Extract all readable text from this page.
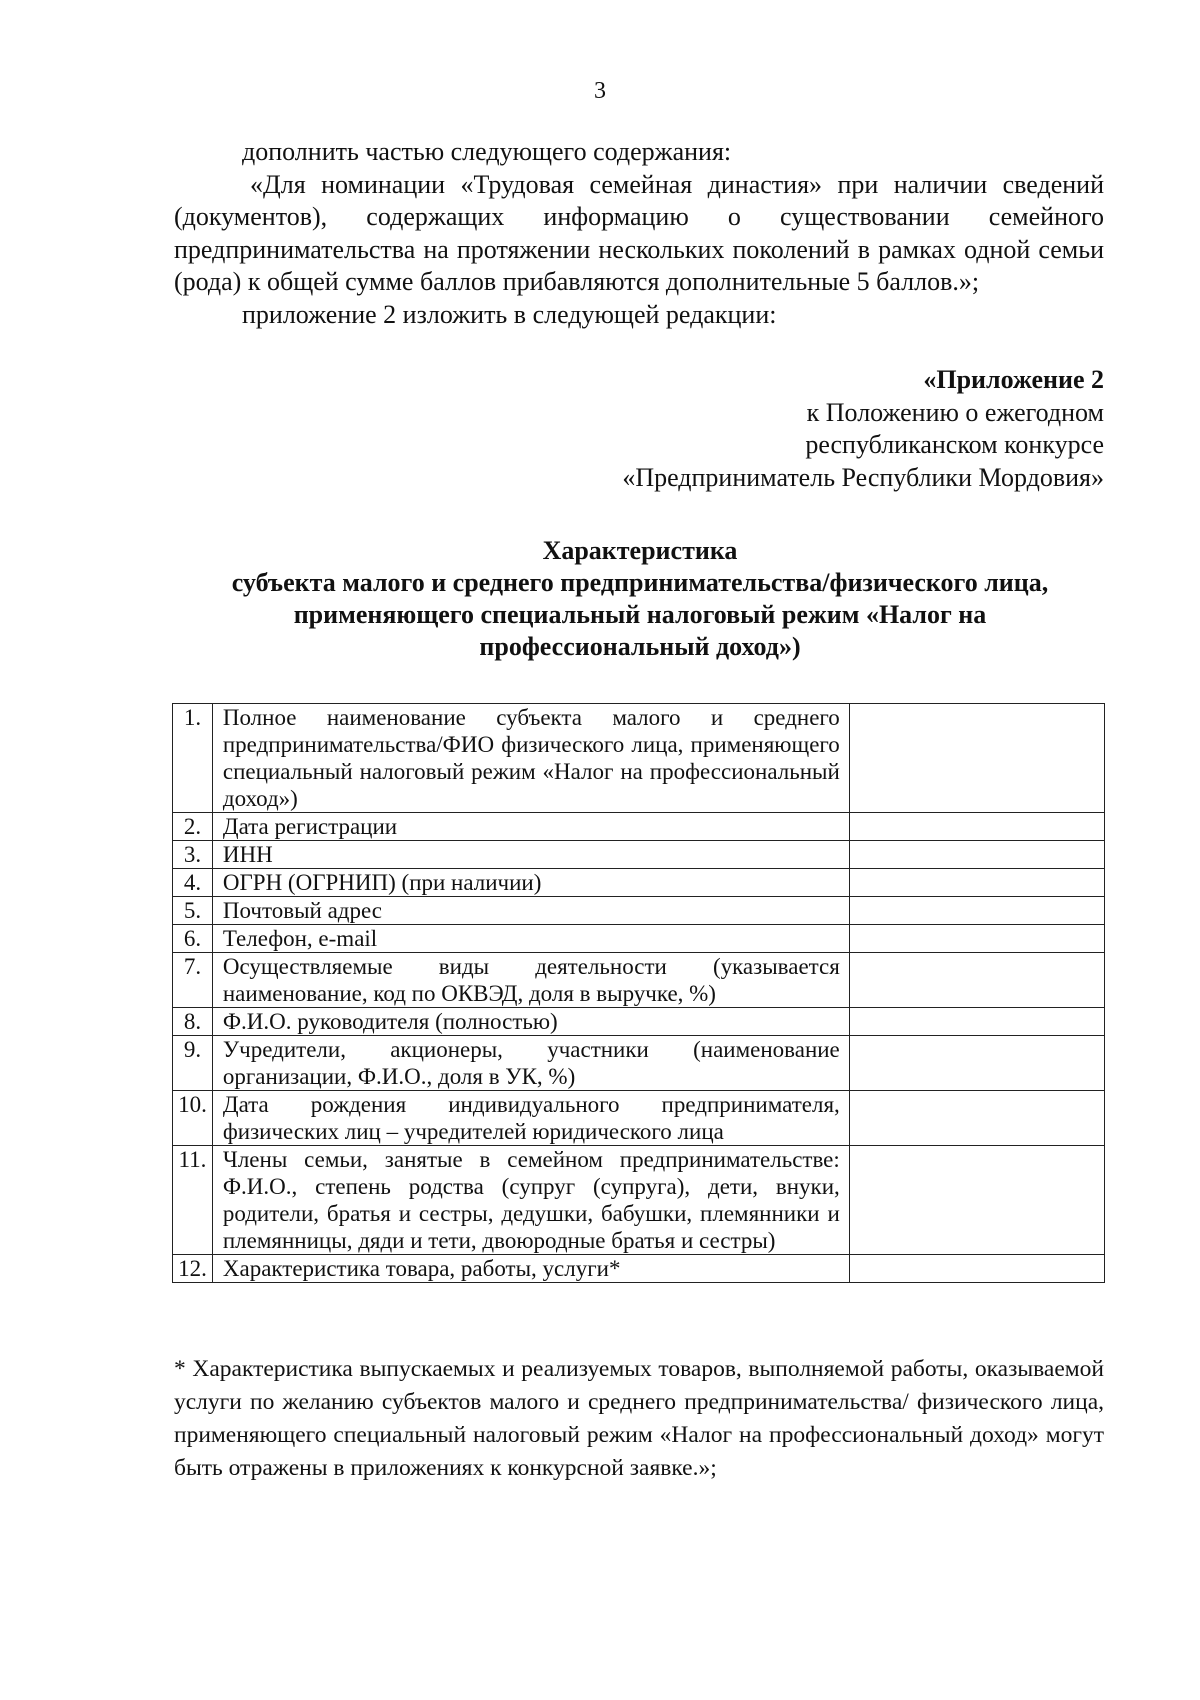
3

дополнить частью следующего содержания:

«Для номинации «Трудовая семейная династия» при наличии сведений (документов), содержащих информацию о существовании семейного предпринимательства на протяжении нескольких поколений в рамках одной семьи (рода) к общей сумме баллов прибавляются дополнительные 5 баллов.»;

приложение 2 изложить в следующей редакции:

«Приложение 2
к Положению о ежегодном
республиканском конкурсе
«Предприниматель Республики Мордовия»
Характеристика
субъекта малого и среднего предпринимательства/физического лица,
применяющего специальный налоговый режим «Налог на
профессиональный доход»)
1.	Полное наименование субъекта малого и среднего предпринимательства/ФИО физического лица, применяющего специальный налоговый режим «Налог на профессиональный доход»)	
2.	Дата регистрации	
3.	ИНН	
4.	ОГРН (ОГРНИП) (при наличии)	
5.	Почтовый адрес	
6.	Телефон, e-mail	
7.	Осуществляемые виды деятельности (указывается наименование, код по ОКВЭД, доля в выручке, %)	
8.	Ф.И.О. руководителя (полностью)	
9.	Учредители, акционеры, участники (наименование организации, Ф.И.О., доля в УК, %)	
10.	Дата рождения индивидуального предпринимателя, физических лиц – учредителей юридического лица	
11.	Члены семьи, занятые в семейном предпринимательстве: Ф.И.О., степень родства (супруг (супруга), дети, внуки, родители, братья и сестры, дедушки, бабушки, племянники и племянницы, дяди и тети, двоюродные братья и сестры)	
12.	Характеристика товара, работы, услуги*	
* Характеристика выпускаемых и реализуемых товаров, выполняемой работы, оказываемой услуги по желанию субъектов малого и среднего предпринимательства/ физического лица, применяющего специальный налоговый режим «Налог на профессиональный доход» могут быть отражены в приложениях к конкурсной заявке.»;
